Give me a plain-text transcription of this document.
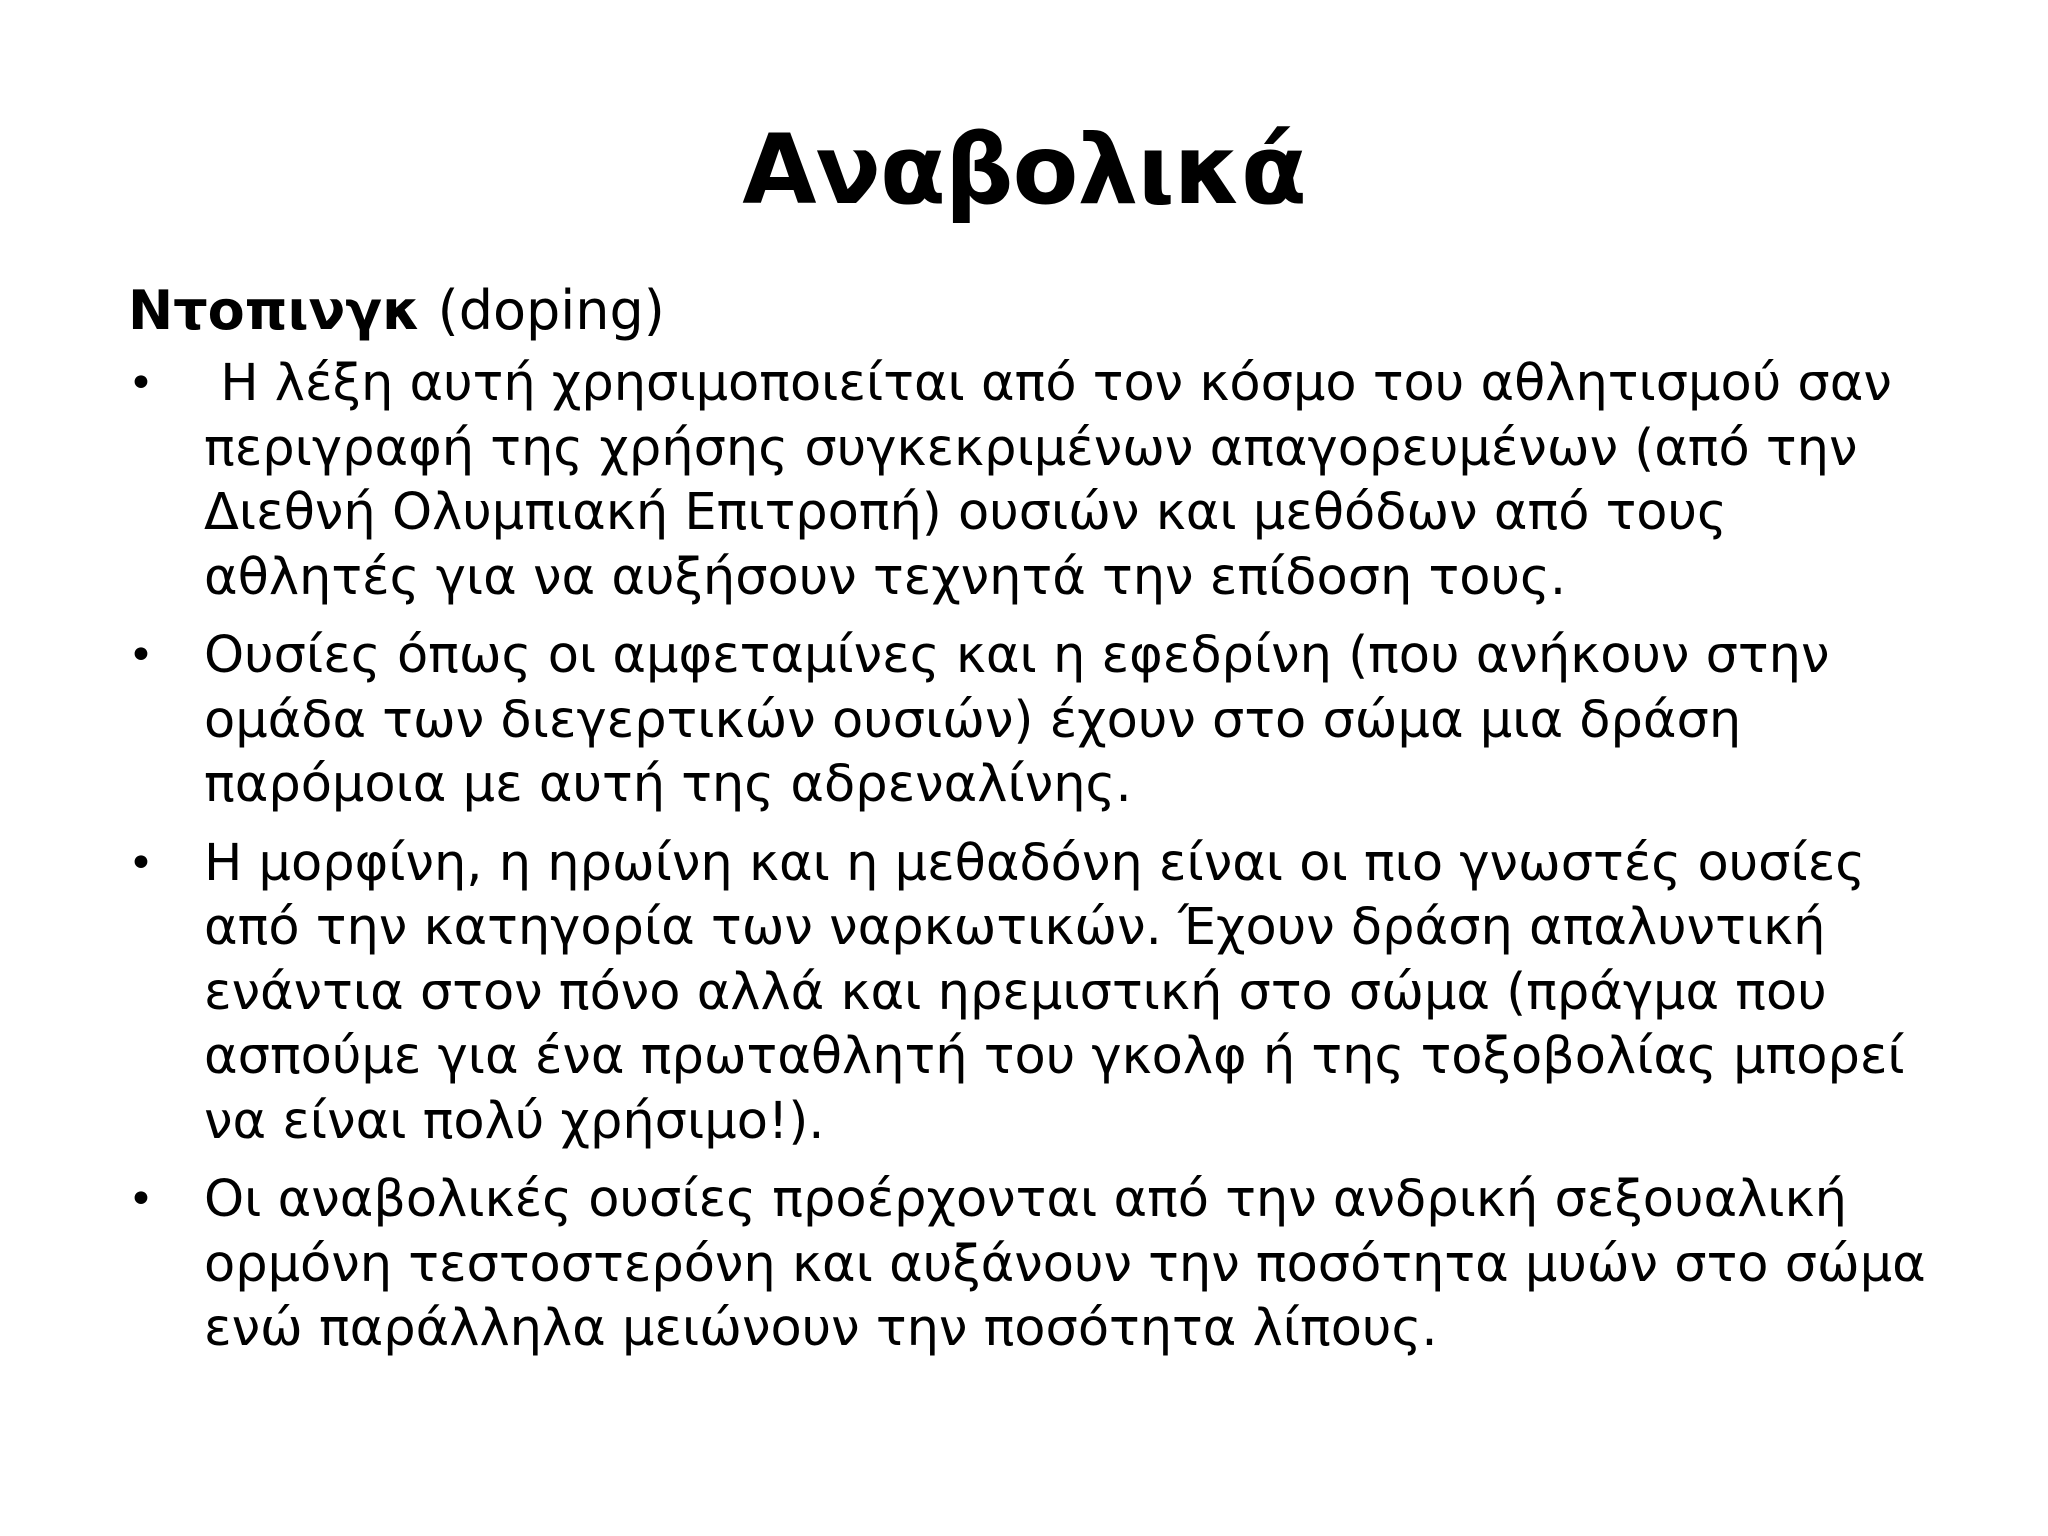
Αναβολικά
Ντοπινγκ (doping)
• Η λέξη αυτή χρησιμοποιείται από τον κόσμο του αθλητισμού σαν
περιγραφή της χρήσης συγκεκριμένων απαγορευμένων (από την
Διεθνή Ολυμπιακή Επιτροπή) ουσιών και μεθόδων από τους
αθλητές για να αυξήσουν τεχνητά την επίδοση τους.
• Ουσίες όπως οι αμφεταμίνες και η εφεδρίνη (που ανήκουν στην
ομάδα των διεγερτικών ουσιών) έχουν στο σώμα μια δράση
παρόμοια με αυτή της αδρεναλίνης.
• Η μορφίνη, η ηρωίνη και η μεθαδόνη είναι οι πιο γνωστές ουσίες
από την κατηγορία των ναρκωτικών. Έχουν δράση απαλυντική
ενάντια στον πόνο αλλά και ηρεμιστική στο σώμα (πράγμα που
ασπούμε για ένα πρωταθλητή του γκολφ ή της τοξοβολίας μπορεί
να είναι πολύ χρήσιμο!).
• Οι αναβολικές ουσίες προέρχονται από την ανδρική σεξουαλική
ορμόνη τεστοστερόνη και αυξάνουν την ποσότητα μυών στο σώμα
ενώ παράλληλα μειώνουν την ποσότητα λίπους.
